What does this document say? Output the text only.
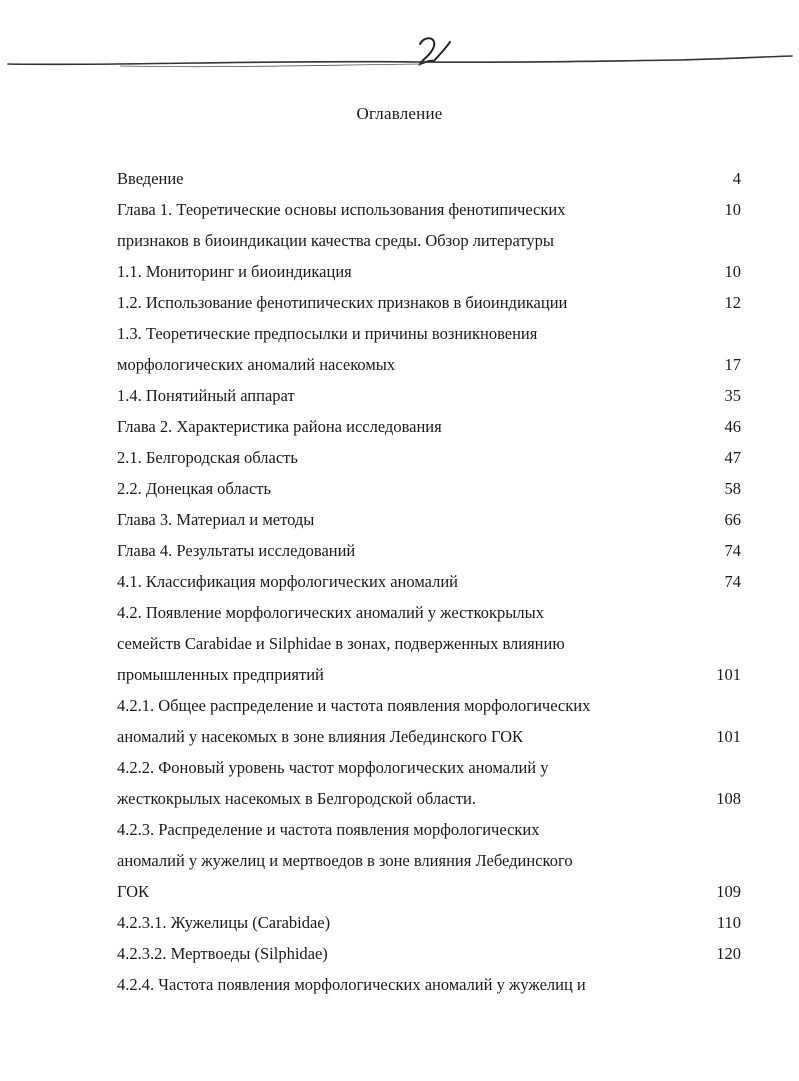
Оглавление
Введение	4
Глава 1. Теоретические основы использования фенотипических	10
признаков в биоиндикации качества среды. Обзор литературы
1.1. Мониторинг и биоиндикация	10
1.2. Использование фенотипических признаков в биоиндикации	12
1.3. Теоретические предпосылки и причины возникновения
морфологических аномалий насекомых	17
1.4. Понятийный аппарат	35
Глава 2. Характеристика района исследования	46
2.1. Белгородская область	47
2.2. Донецкая область	58
Глава 3. Материал и методы	66
Глава 4. Результаты исследований	74
4.1. Классификация морфологических аномалий	74
4.2. Появление морфологических аномалий у жесткокрылых
семейств Carabidae и Silphidae в зонах, подверженных влиянию
промышленных предприятий	101
4.2.1. Общее распределение и частота появления морфологических
аномалий у насекомых в зоне влияния Лебединского ГОК	101
4.2.2. Фоновый уровень частот морфологических аномалий у
жесткокрылых насекомых в Белгородской области.	108
4.2.3. Распределение и частота появления морфологических
аномалий у жужелиц и мертвоедов в зоне влияния Лебединского
ГОК	109
4.2.3.1. Жужелицы (Carabidae)	110
4.2.3.2. Мертвоеды (Silphidae)	120
4.2.4. Частота появления морфологических аномалий у жужелиц и
